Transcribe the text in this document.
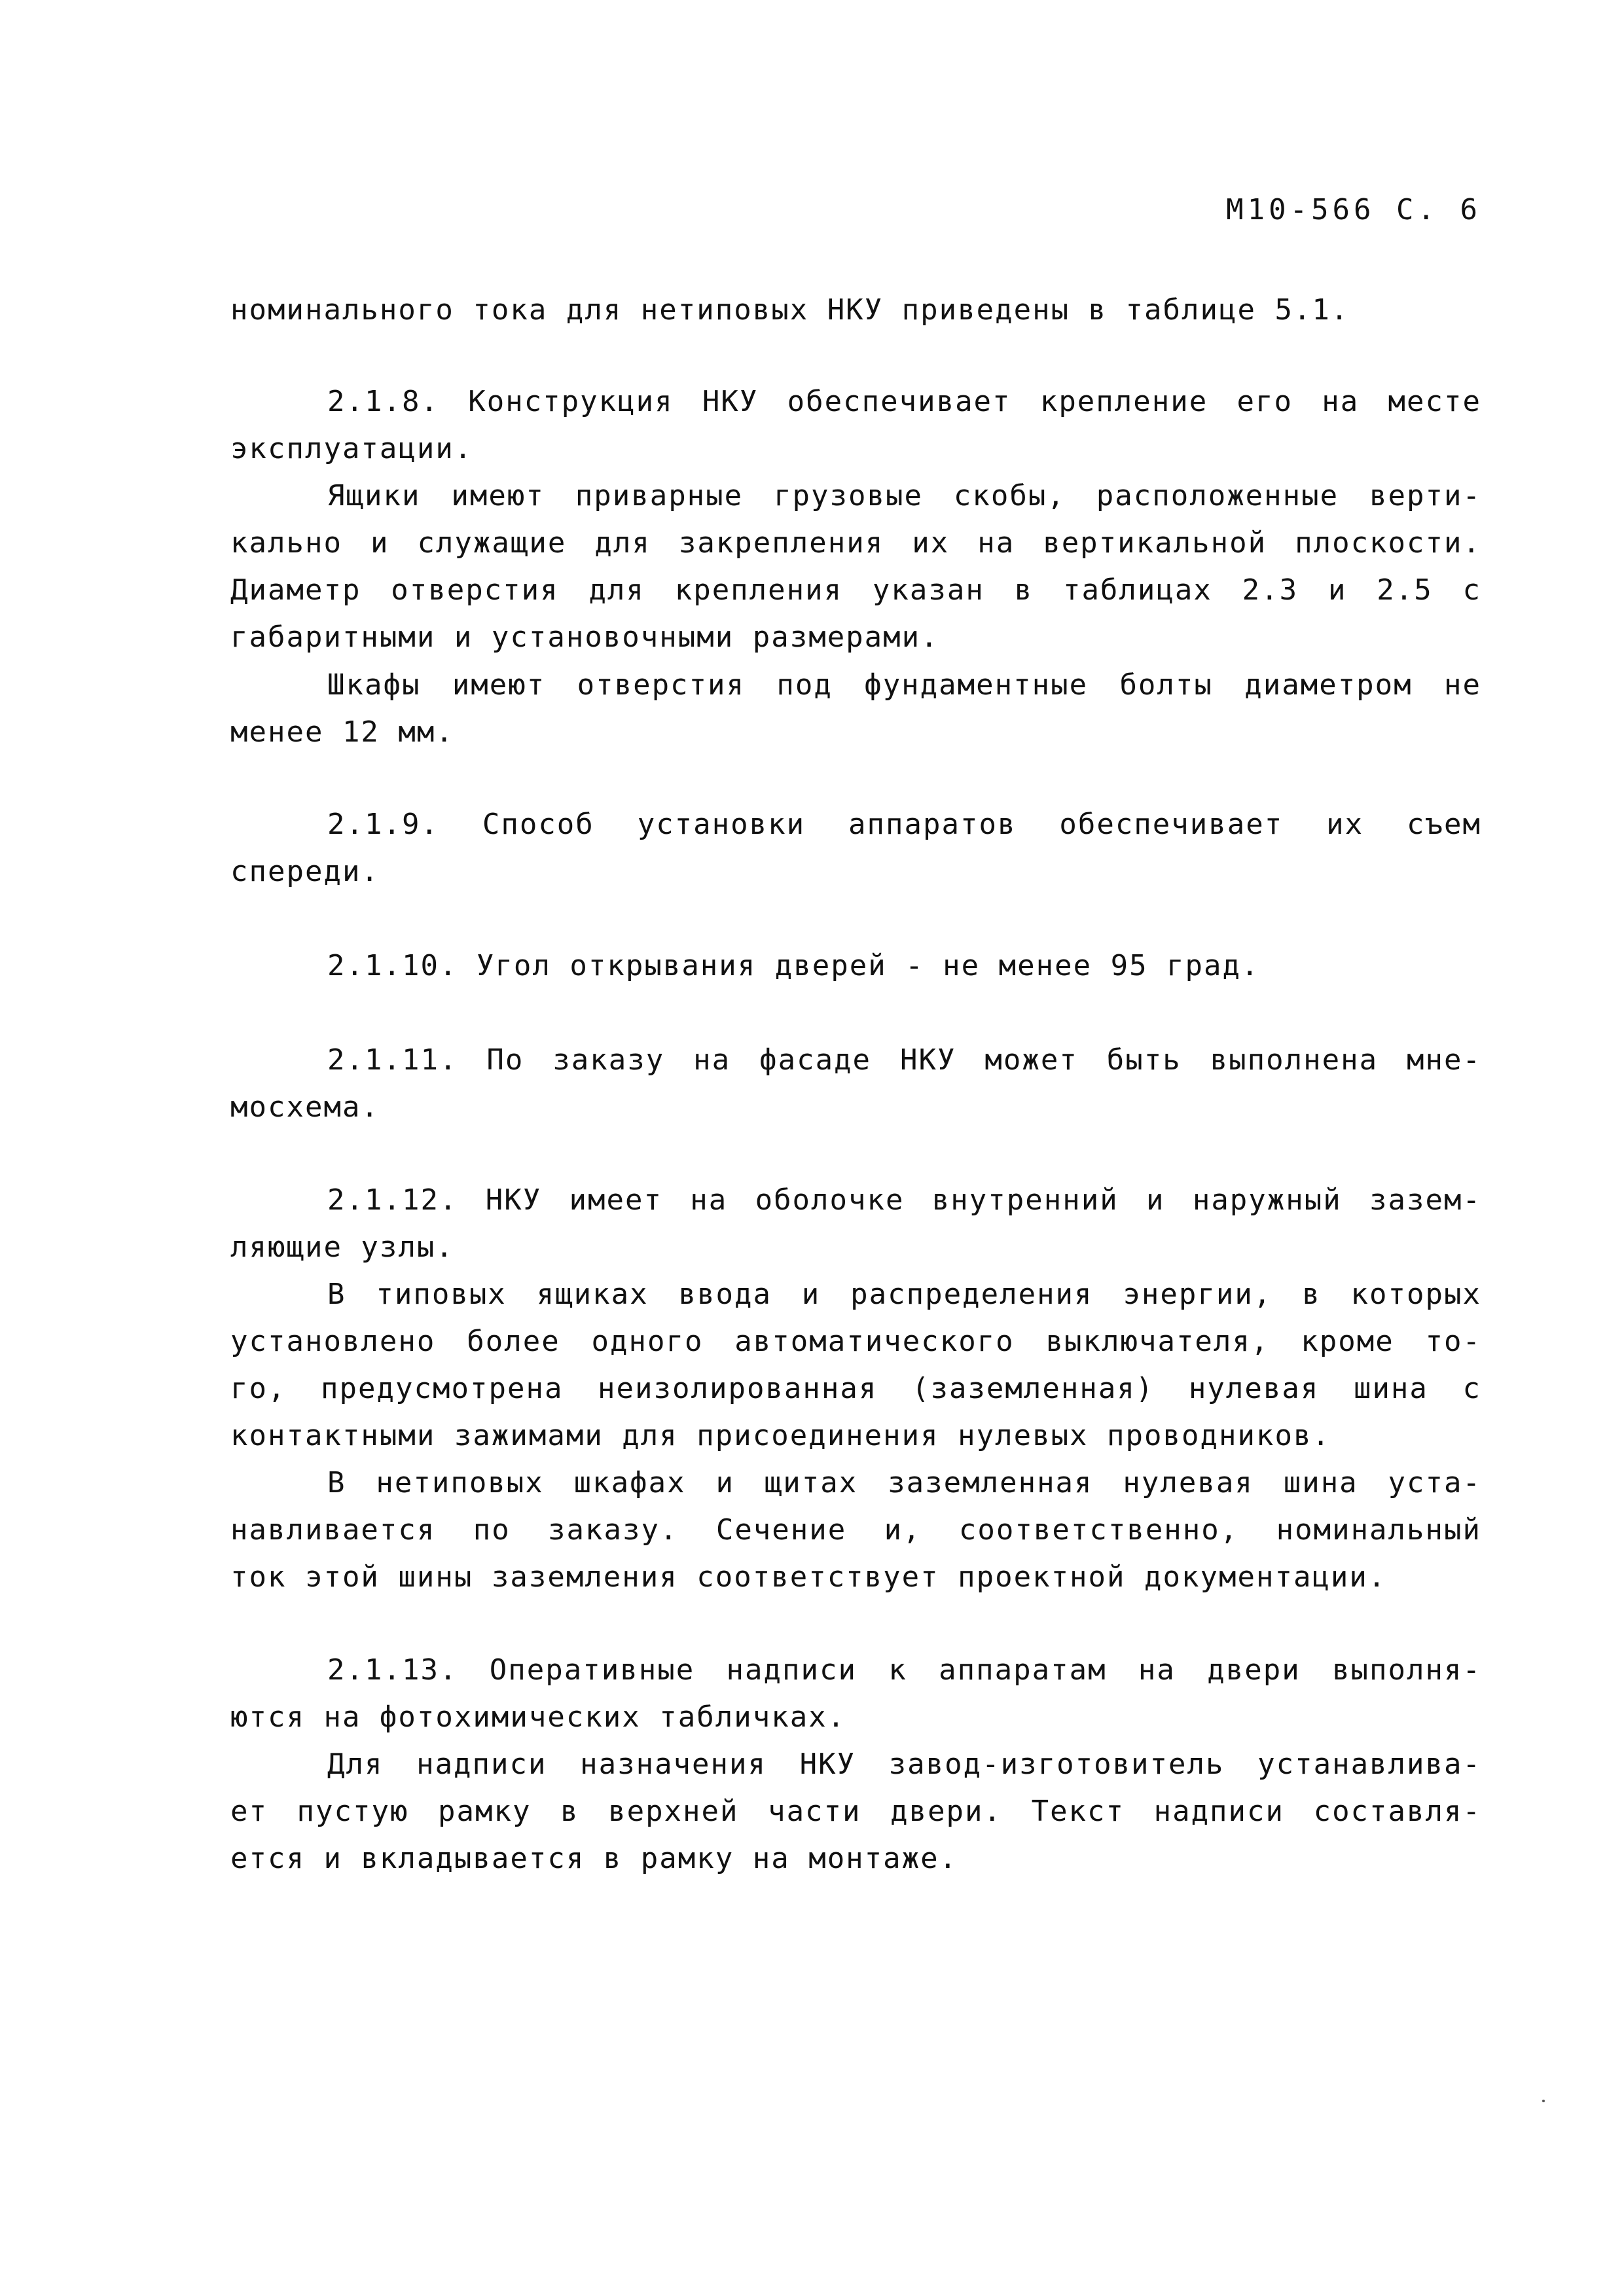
М10-566 С. 6
номинального тока для нетиповых НКУ приведены в таблице 5.1.
2.1.8. Конструкция НКУ обеспечивает крепление его на месте
эксплуатации.
Ящики имеют приварные грузовые скобы, расположенные верти-
кально и служащие для закрепления их на вертикальной плоскости.
Диаметр отверстия для крепления указан в таблицах 2.3 и 2.5 с
габаритными и установочными размерами.
Шкафы имеют отверстия под фундаментные болты диаметром не
менее 12 мм.
2.1.9. Способ установки аппаратов обеспечивает их съем
спереди.
2.1.10. Угол открывания дверей - не менее 95 град.
2.1.11. По заказу на фасаде НКУ может быть выполнена мне-
мосхема.
2.1.12. НКУ имеет на оболочке внутренний и наружный зазем-
ляющие узлы.
В типовых ящиках ввода и распределения энергии, в которых
установлено более одного автоматического выключателя, кроме то-
го, предусмотрена неизолированная (заземленная) нулевая шина с
контактными зажимами для присоединения нулевых проводников.
В нетиповых шкафах и щитах заземленная нулевая шина уста-
навливается по заказу. Сечение и, соответственно, номинальный
ток этой шины заземления соответствует проектной документации.
2.1.13. Оперативные надписи к аппаратам на двери выполня-
ются на фотохимических табличках.
Для надписи назначения НКУ завод-изготовитель устанавлива-
ет пустую рамку в верхней части двери. Текст надписи составля-
ется и вкладывается в рамку на монтаже.
